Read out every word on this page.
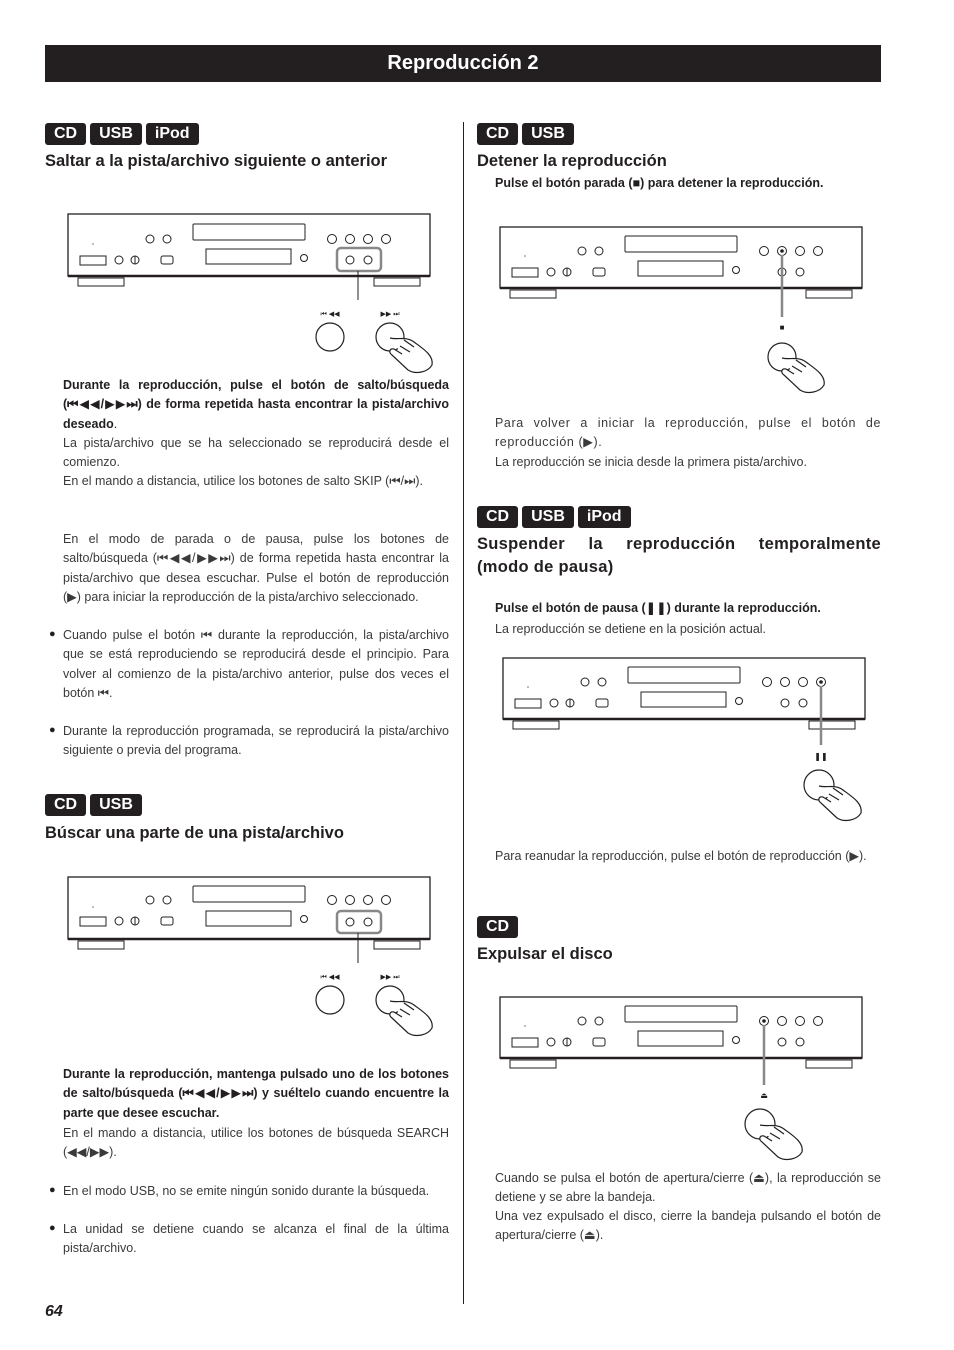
Reproducción 2
CD	USB	iPod
Saltar a la pista/archivo siguiente o anterior
°
⏮ ◀◀	▶▶ ⏭
Durante la reproducción, pulse el botón de salto/búsqueda (⏮◀◀/▶▶⏭) de forma repetida hasta encontrar la pista/archivo deseado.
La pista/archivo que se ha seleccionado se reproducirá desde el comienzo.
En el mando a distancia, utilice los botones de salto SKIP (⏮/⏭).
En el modo de parada o de pausa, pulse los botones de salto/búsqueda (⏮◀◀/▶▶⏭) de forma repetida hasta encontrar la pista/archivo que desea escuchar. Pulse el botón de reproducción (▶) para iniciar la reproducción de la pista/archivo seleccionado.
● Cuando pulse el botón ⏮ durante la reproducción, la pista/archivo que se está reproduciendo se reproducirá desde el principio. Para volver al comienzo de la pista/archivo anterior, pulse dos veces el botón ⏮.
● Durante la reproducción programada, se reproducirá la pista/archivo siguiente o previa del programa.
CD	USB
Búscar una parte de una pista/archivo
°
⏮ ◀◀	▶▶ ⏭
Durante la reproducción, mantenga pulsado uno de los botones de salto/búsqueda (⏮◀◀/▶▶⏭) y suéltelo cuando encuentre la parte que desee escuchar.
En el mando a distancia, utilice los botones de búsqueda SEARCH (◀◀/▶▶).
● En el modo USB, no se emite ningún sonido durante la búsqueda.
● La unidad se detiene cuando se alcanza el final de la última pista/archivo.
64
CD	USB
Detener la reproducción
Pulse el botón parada (■) para detener la reproducción.
°
■
Para volver a iniciar la reproducción, pulse el botón de reproducción (▶).
La reproducción se inicia desde la primera pista/archivo.
CD	USB	iPod
Suspender la reproducción temporalmente (modo de pausa)
Pulse el botón de pausa (❚❚) durante la reproducción.
La reproducción se detiene en la posición actual.
°
❚❚
Para reanudar la reproducción, pulse el botón de reproducción (▶).
CD
Expulsar el disco
°
⏏
Cuando se pulsa el botón de apertura/cierre (⏏), la reproducción se detiene y se abre la bandeja.
Una vez expulsado el disco, cierre la bandeja pulsando el botón de apertura/cierre (⏏).
